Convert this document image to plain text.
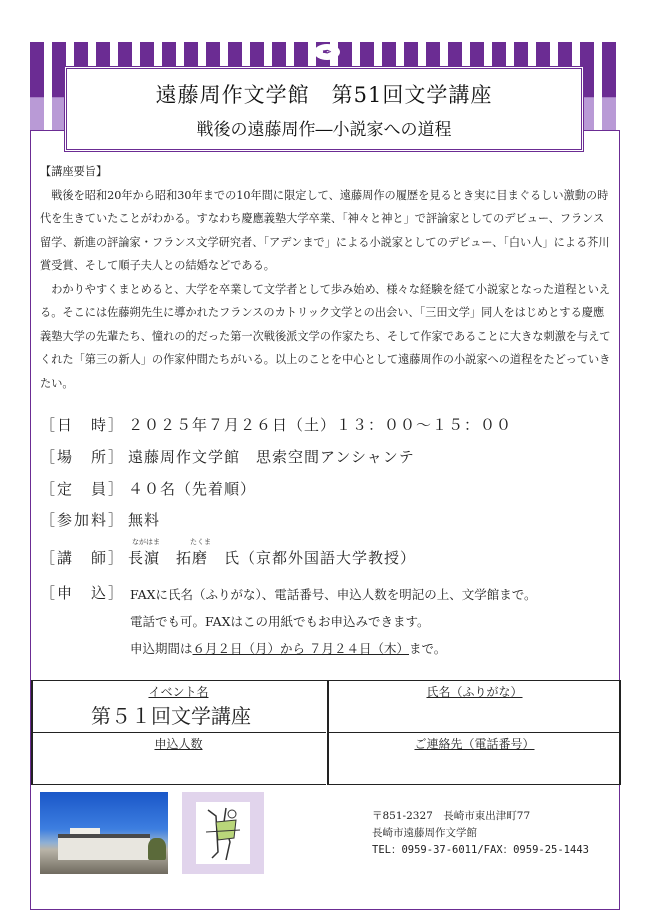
✒
遠藤周作文学館　第51回文学講座
戦後の遠藤周作―小説家への道程

【講座要旨】

戦後を昭和20年から昭和30年までの10年間に限定して、遠藤周作の履歴を見るとき実に目まぐるしい激動の時代を生きていたことがわかる。すなわち慶應義塾大学卒業、「神々と神と」で評論家としてのデビュー、フランス留学、新進の評論家・フランス文学研究者、「アデンまで」による小説家としてのデビュー、「白い人」による芥川賞受賞、そして順子夫人との結婚などである。

わかりやすくまとめると、大学を卒業して文学者として歩み始め、様々な経験を経て小説家となった道程といえる。そこには佐藤朔先生に導かれたフランスのカトリック文学との出会い、「三田文学」同人をはじめとする慶應義塾大学の先輩たち、憧れの的だった第一次戦後派文学の作家たち、そして作家であることに大きな刺激を与えてくれた「第三の新人」の作家仲間たちがいる。以上のことを中心として遠藤周作の小説家への道程をたどっていきたい。

［日　時］ ２０２５年７月２６日（土）１３：００～１５：００
［場　所］ 遠藤周作文学館　思索空間アンシャンテ
［定　員］ ４０名（先着順）
［参加料］ 無料
ながはま	たくま
［講　師］ 長濵　拓磨　氏（京都外国語大学教授）
［申　込］ FAXに氏名（ふりがな）、電話番号、申込人数を明記の上、文学館まで。
電話でも可。FAXはこの用紙でもお申込みできます。
申込期間は６月２日（月）から ７月２４日（木）まで。
イベント名
第５１回文学講座
氏名（ふりがな）
申込人数	ご連絡先（電話番号）
〒851-2327　長崎市東出津町77
長崎市遠藤周作文学館
TEL：0959-37-6011/FAX：0959-25-1443
